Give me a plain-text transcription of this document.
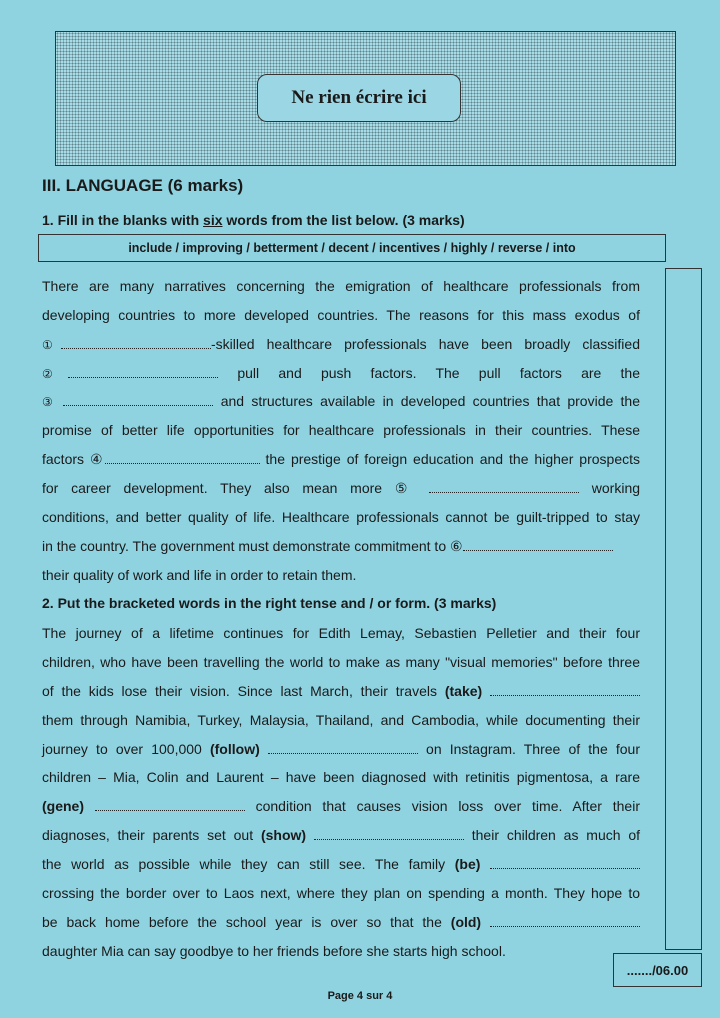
Ne rien écrire ici
III. LANGUAGE (6 marks)
1. Fill in the blanks with six words from the list below. (3 marks)
include / improving / betterment / decent / incentives / highly / reverse / into
There are many narratives concerning the emigration of healthcare professionals from
developing countries to more developed countries. The reasons for this mass exodus of
①	-skilled healthcare professionals have been broadly classified
②	pull and push factors. The pull factors are the
③	and structures available in developed countries that provide the
promise of better life opportunities for healthcare professionals in their countries. These
factors ④	the prestige of foreign education and the higher prospects
for career development. They also mean more ⑤	working
conditions, and better quality of life. Healthcare professionals cannot be guilt-tripped to stay
in the country. The government must demonstrate commitment to ⑥
their quality of work and life in order to retain them.
2. Put the bracketed words in the right tense and / or form. (3 marks)
The journey of a lifetime continues for Edith Lemay, Sebastien Pelletier and their four
children, who have been travelling the world to make as many "visual memories" before three
of the kids lose their vision. Since last March, their travels (take)
them through Namibia, Turkey, Malaysia, Thailand, and Cambodia, while documenting their
journey to over 100,000 (follow)	on Instagram. Three of the four
children – Mia, Colin and Laurent – have been diagnosed with retinitis pigmentosa, a rare
(gene)	condition that causes vision loss over time. After their
diagnoses, their parents set out (show)	their children as much of
the world as possible while they can still see. The family (be)
crossing the border over to Laos next, where they plan on spending a month. They hope to
be back home before the school year is over so that the (old)
daughter Mia can say goodbye to her friends before she starts high school.
......./06.00
Page 4 sur 4
